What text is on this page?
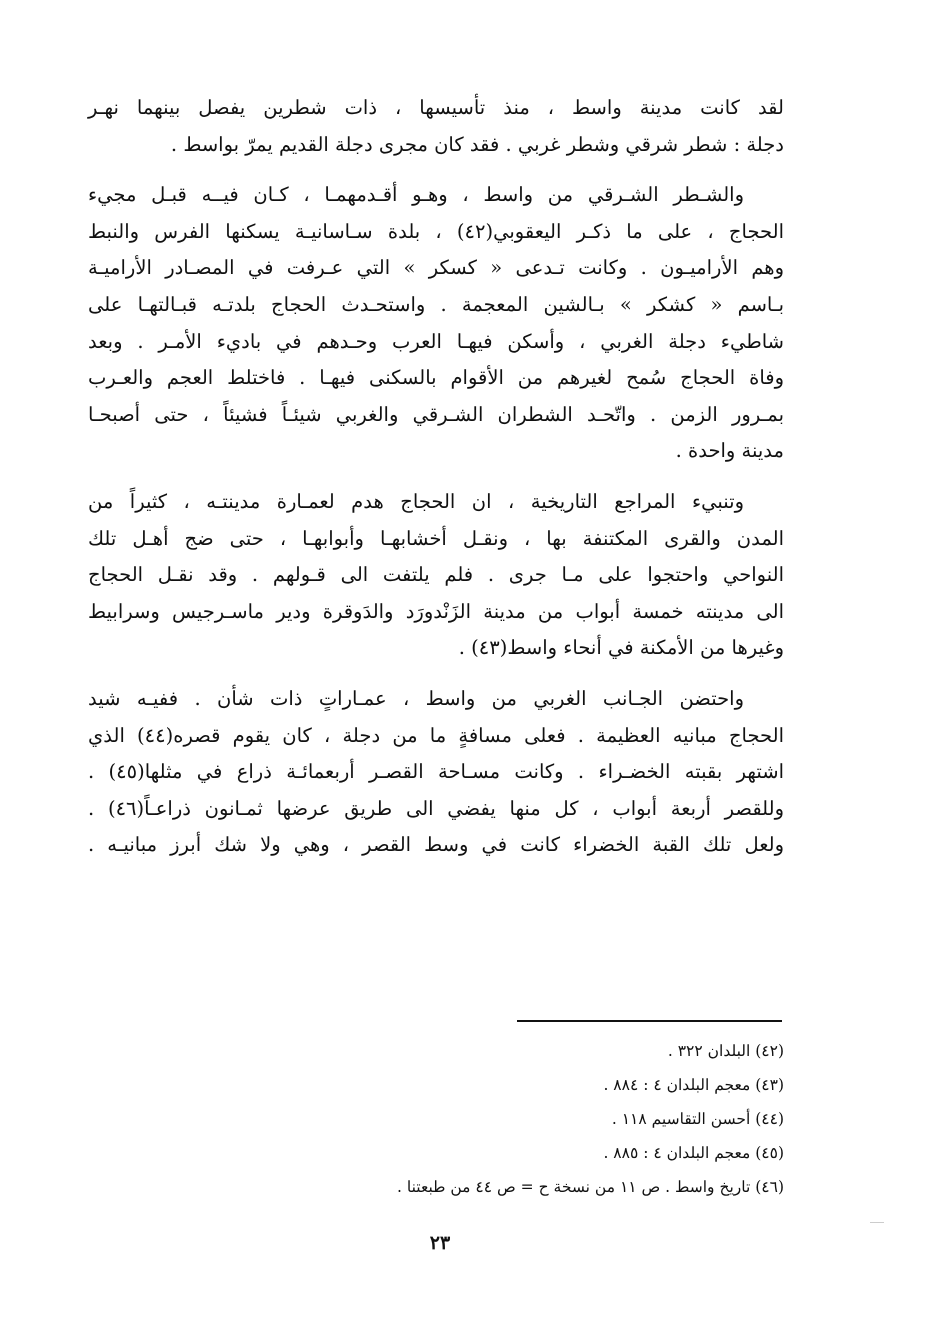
لقد كانت مدينة واسط ، منذ تأسيسها ، ذات شطرين يفصل بينهما نهـر
دجلة : شطر شرقي وشطر غربي . فقد كان مجرى دجلة القديم يمرّ بواسط .

والشـطر الشـرقي من واسط ، وهـو أقـدمهمـا ، كـان فيــه قبـل مجيء
الحجاج ، على ما ذكـر اليعقوبي(٤٢) ، بلدة سـاسانيـة يسكنها الفرس والنبط
وهم الأراميـون . وكانت تـدعى « كسكر » التي عـرفت في المصـادر الأراميـة
بـاسم « كشكر » بـالشين المعجمة . واستحـدث الحجاج بلدتـه قبـالتهـا على
شاطيء دجلة الغربي ، وأسكن فيهـا العرب وحـدهم في باديء الأمـر . وبعد
وفاة الحجاج سُمح لغيرهم من الأقوام بالسكنى فيهـا . فاختلط العجم والعـرب
بمـرور الزمن . واتّحـد الشطران الشـرقي والغربي شيئـاً فشيئاً ، حتى أصبحـا
مدينة واحدة .

وتنبيء المراجع التاريخية ، ان الحجاج هدم لعمـارة مدينتـه ، كثيراً من
المدن والقرى المكتنفة بها ، ونقـل أخشابهـا وأبوابهـا ، حتى ضج أهـل تلك
النواحي واحتجوا على مـا جرى . فلم يلتفت الى قـولهم . وقد نقـل الحجاج
الى مدينته خمسة أبواب من مدينة الزَنْدورَد والدَوقرة ودير ماسـرجيس وسرابيط
وغيرها من الأمكنة في أنحاء واسط(٤٣) .

واحتضن الجـانب الغربي من واسط ، عمـاراتٍ ذات شأن . ففيـه شيد
الحجاج مبانيه العظيمة . فعلى مسافةٍ ما من دجلة ، كان يقوم قصره(٤٤) الذي
اشتهر بقبته الخضـراء . وكانت مسـاحة القصـر أربعمائـة ذراع في مثلها(٤٥) .
وللقصر أربعة أبواب ، كل منها يفضي الى طريق عرضها ثمـانون ذراعـاً(٤٦) .
ولعل تلك القبة الخضراء كانت في وسط القصر ، وهي ولا شك أبرز مبانيـه .

(٤٢) البلدان ٣٢٢ .
(٤٣) معجم البلدان ٤ : ٨٨٤ .
(٤٤) أحسن التقاسيم ١١٨ .
(٤٥) معجم البلدان ٤ : ٨٨٥ .
(٤٦) تاريخ واسط . ص ١١ من نسخة ح = ص ٤٤ من طبعتنا .
٢٣
